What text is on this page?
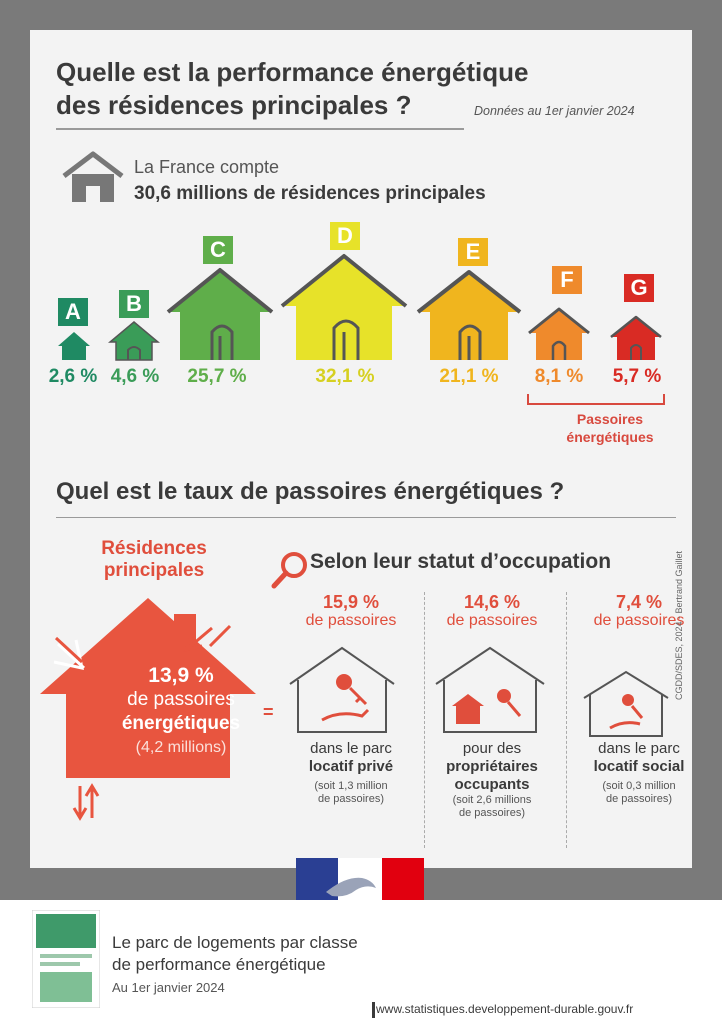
Quelle est la performance énergétique
des résidences principales ?	Données au 1er janvier 2024
La France compte
30,6 millions de résidences principales
A
2,6 %
B
4,6 %
C
25,7 %
D
32,1 %
E
21,1 %
F
8,1 %
G
5,7 %
Passoires
énergétiques
Quel est le taux de passoires énergétiques ?
Résidences
principales
13,9 %
de passoires
énergétiques
(4,2 millions)
=
Selon leur statut d’occupation
15,9 %
de passoires
dans le parc
locatif privé
(soit 1,3 million
de passoires)
14,6 %
de passoires
pour des
propriétaires occupants
(soit 2,6 millions
de passoires)
7,4 %
de passoires
dans le parc
locatif social
(soit 0,3 million
de passoires)
CGDD/SDES, 2024 - Bertrand Gaillet
Le parc de logements par classe
de performance énergétique
Au 1er janvier 2024
www.statistiques.developpement-durable.gouv.fr
